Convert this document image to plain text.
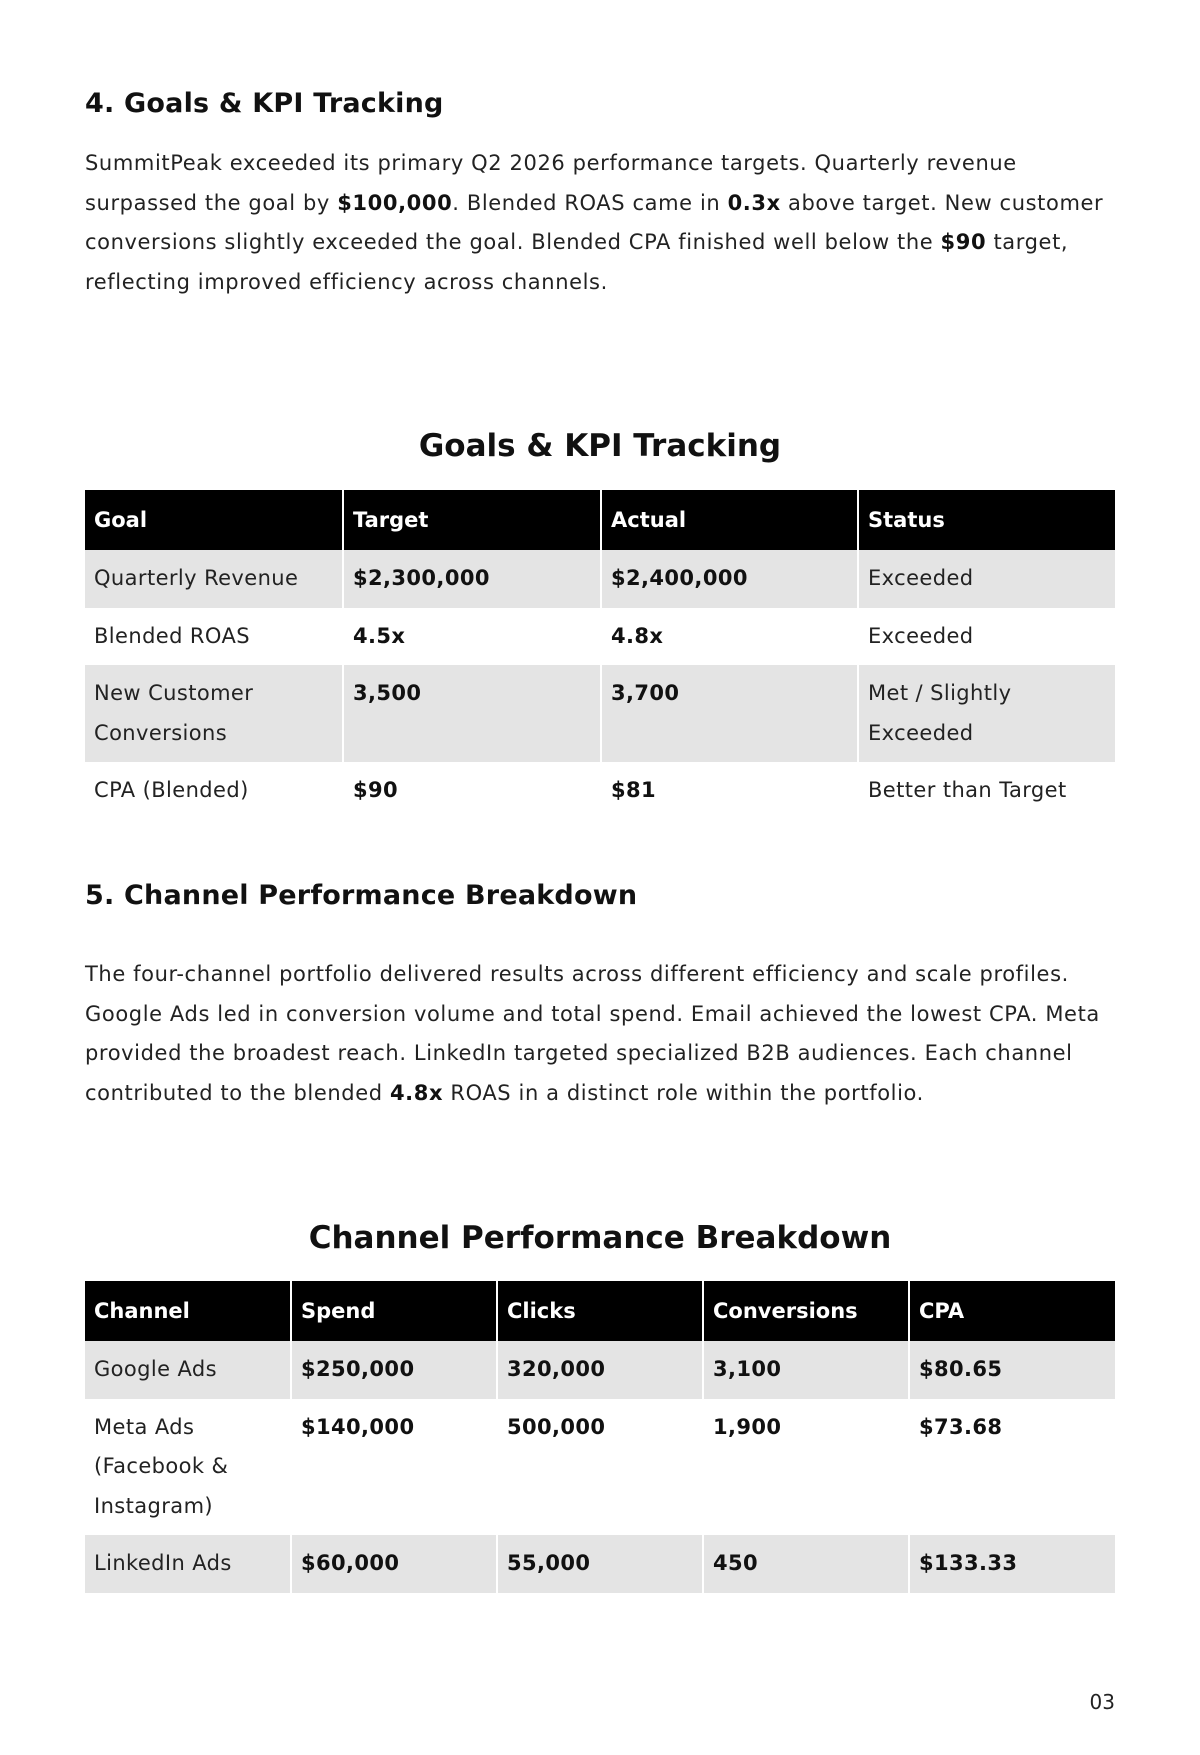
4. Goals & KPI Tracking

SummitPeak exceeded its primary Q2 2026 performance targets. Quarterly revenue surpassed the goal by $100,000. Blended ROAS came in 0.3x above target. New customer conversions slightly exceeded the goal. Blended CPA finished well below the $90 target, reflecting improved efficiency across channels.

Goals & KPI Tracking
Goal	Target	Actual	Status
Quarterly Revenue	$2,300,000	$2,400,000	Exceeded
Blended ROAS	4.5x	4.8x	Exceeded
New Customer Conversions	3,500	3,700	Met / Slightly Exceeded
CPA (Blended)	$90	$81	Better than Target
5. Channel Performance Breakdown

The four-channel portfolio delivered results across different efficiency and scale profiles. Google Ads led in conversion volume and total spend. Email achieved the lowest CPA. Meta provided the broadest reach. LinkedIn targeted specialized B2B audiences. Each channel contributed to the blended 4.8x ROAS in a distinct role within the portfolio.

Channel Performance Breakdown
Channel	Spend	Clicks	Conversions	CPA
Google Ads	$250,000	320,000	3,100	$80.65
Meta Ads (Facebook & Instagram)	$140,000	500,000	1,900	$73.68
LinkedIn Ads	$60,000	55,000	450	$133.33
03
